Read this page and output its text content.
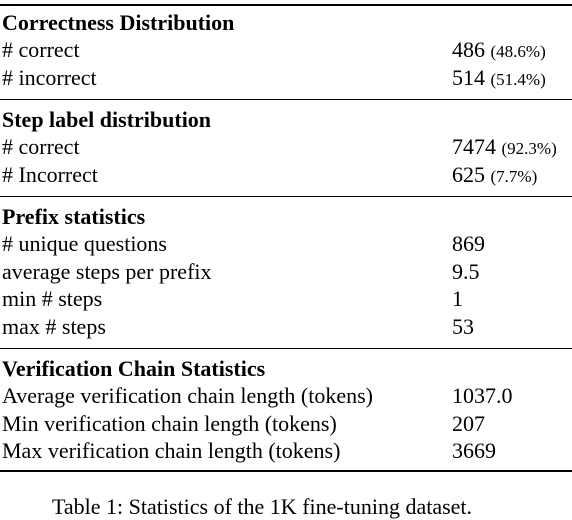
Correctness Distribution
# correct	486 (48.6%)
# incorrect	514 (51.4%)
Step label distribution
# correct	7474 (92.3%)
# Incorrect	625 (7.7%)
Prefix statistics
# unique questions	869
average steps per prefix	9.5
min # steps	1
max # steps	53
Verification Chain Statistics
Average verification chain length (tokens)	1037.0
Min verification chain length (tokens)	207
Max verification chain length (tokens)	3669
Table 1: Statistics of the 1K fine-tuning dataset.
